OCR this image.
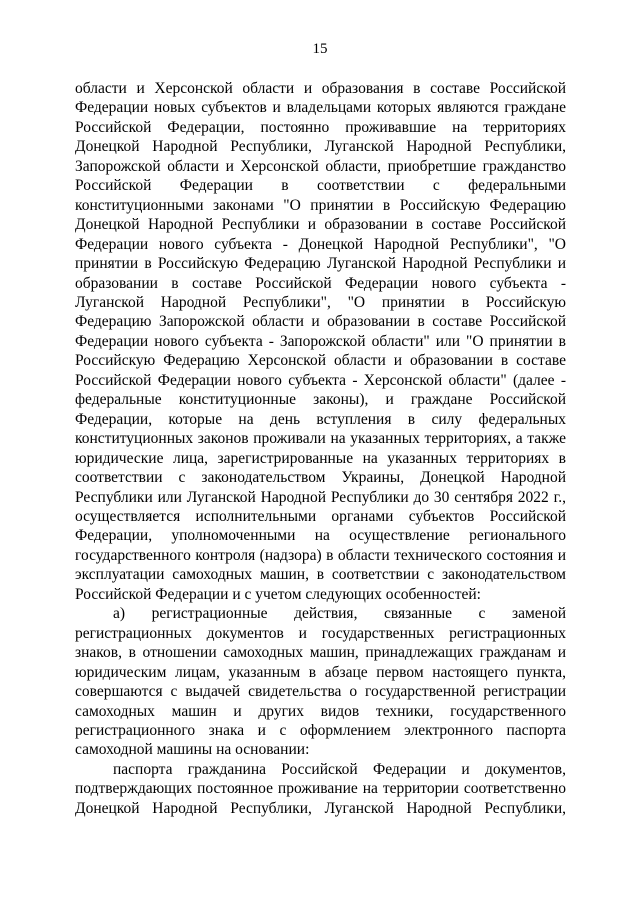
15

области и Херсонской области и образования в составе Российской Федерации новых субъектов и владельцами которых являются граждане Российской Федерации, постоянно проживавшие на территориях Донецкой Народной Республики, Луганской Народной Республики, Запорожской области и Херсонской области, приобретшие гражданство Российской Федерации в соответствии с федеральными конституционными законами "О принятии в Российскую Федерацию Донецкой Народной Республики и образовании в составе Российской Федерации нового субъекта - Донецкой Народной Республики", "О принятии в Российскую Федерацию Луганской Народной Республики и образовании в составе Российской Федерации нового субъекта - Луганской Народной Республики", "О принятии в Российскую Федерацию Запорожской области и образовании в составе Российской Федерации нового субъекта - Запорожской области" или "О принятии в Российскую Федерацию Херсонской области и образовании в составе Российской Федерации нового субъекта - Херсонской области" (далее - федеральные конституционные законы), и граждане Российской Федерации, которые на день вступления в силу федеральных конституционных законов проживали на указанных территориях, а также юридические лица, зарегистрированные на указанных территориях в соответствии с законодательством Украины, Донецкой Народной Республики или Луганской Народной Республики до 30 сентября 2022 г., осуществляется исполнительными органами субъектов Российской Федерации, уполномоченными на осуществление регионального государственного контроля (надзора) в области технического состояния и эксплуатации самоходных машин, в соответствии с законодательством Российской Федерации и с учетом следующих особенностей:

а) регистрационные действия, связанные с заменой регистрационных документов и государственных регистрационных знаков, в отношении самоходных машин, принадлежащих гражданам и юридическим лицам, указанным в абзаце первом настоящего пункта, совершаются с выдачей свидетельства о государственной регистрации самоходных машин и других видов техники, государственного регистрационного знака и с оформлением электронного паспорта самоходной машины на основании:

паспорта гражданина Российской Федерации и документов, подтверждающих постоянное проживание на территории соответственно Донецкой Народной Республики, Луганской Народной Республики,
